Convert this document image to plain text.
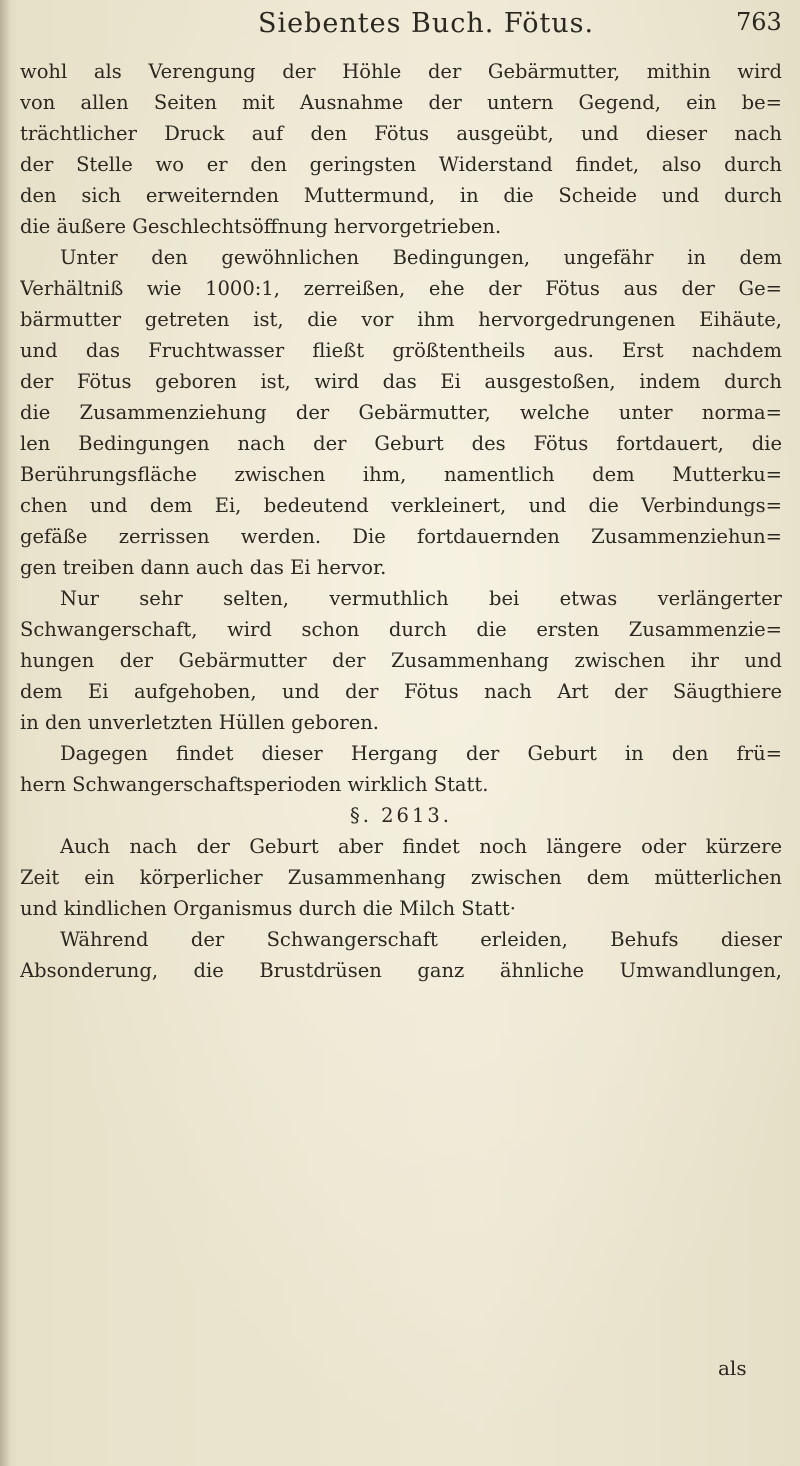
Siebentes Buch. Fötus.	763
wohl als Verengung der Höhle der Gebärmutter, mithin wird
von allen Seiten mit Ausnahme der untern Gegend, ein be=
trächtlicher Druck auf den Fötus ausgeübt, und dieser nach
der Stelle wo er den geringsten Widerstand findet, also durch
den sich erweiternden Muttermund, in die Scheide und durch
die äußere Geschlechtsöffnung hervorgetrieben.
Unter den gewöhnlichen Bedingungen, ungefähr in dem
Verhältniß wie 1000:1, zerreißen, ehe der Fötus aus der Ge=
bärmutter getreten ist, die vor ihm hervorgedrungenen Eihäute,
und das Fruchtwasser fließt größtentheils aus. Erst nachdem
der Fötus geboren ist, wird das Ei ausgestoßen, indem durch
die Zusammenziehung der Gebärmutter, welche unter norma=
len Bedingungen nach der Geburt des Fötus fortdauert, die
Berührungsfläche zwischen ihm, namentlich dem Mutterku=
chen und dem Ei, bedeutend verkleinert, und die Verbindungs=
gefäße zerrissen werden. Die fortdauernden Zusammenziehun=
gen treiben dann auch das Ei hervor.
Nur sehr selten, vermuthlich bei etwas verlängerter
Schwangerschaft, wird schon durch die ersten Zusammenzie=
hungen der Gebärmutter der Zusammenhang zwischen ihr und
dem Ei aufgehoben, und der Fötus nach Art der Säugthiere
in den unverletzten Hüllen geboren.
Dagegen findet dieser Hergang der Geburt in den frü=
hern Schwangerschaftsperioden wirklich Statt.
§. 2613.
Auch nach der Geburt aber findet noch längere oder kürzere
Zeit ein körperlicher Zusammenhang zwischen dem mütterlichen
und kindlichen Organismus durch die Milch Statt·
Während der Schwangerschaft erleiden, Behufs dieser
Absonderung, die Brustdrüsen ganz ähnliche Umwandlungen,
als
